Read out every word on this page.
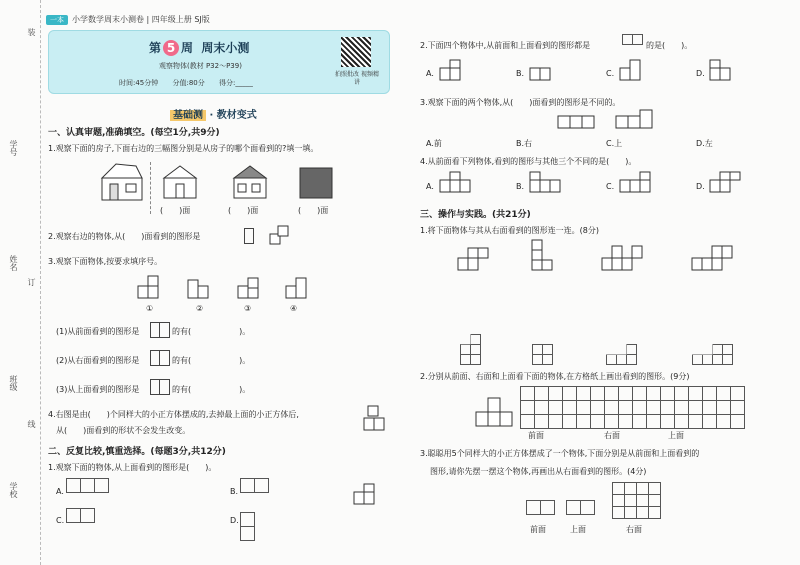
学号
姓名
班级
学校
装
订
线
一本 小学数学周末小测卷 | 四年级上册 SJ版
第 5 周 周末小测
观察物体(教材 P32～P39)
时间:45分钟 分值:80分 得分:_____
拍照批改 视频精讲
基础测 · 教材变式
一、认真审题,准确填空。(每空1分,共9分)
1.观察下面的房子,下面右边的三幅图分别是从房子的哪个面看到的?填一填。
(　　)面	(　　)面	(　　)面
2.观察右边的物体,从(　　)面看到的图形是
3.观察下面物体,按要求填序号。
①	②	③	④
(1)从前面看到的图形是	的有(　　　　　　)。
(2)从右面看到的图形是	的有(　　　　　　)。
(3)从上面看到的图形是	的有(　　　　　　)。
4.右图是由(　　)个同样大的小正方体摆成的,去掉最上面的小正方体后,
从(　　)面看到的形状不会发生改变。
二、反复比较,慎重选择。(每题3分,共12分)
1.观察下面的物体,从上面看到的图形是(　　)。
A.
C.
B.
D.
2.下面四个物体中,从前面和上面看到的图形都是	的是(　　)。
A.	B.	C.	D.
3.观察下面的两个物体,从(　　)面看到的图形是不同的。
A.前	B.右	C.上	D.左
4.从前面看下列物体,看到的图形与其他三个不同的是(　　)。
A.	B.	C.	D.
三、操作与实践。(共21分)
1.将下面物体与其从右面看到的图形连一连。(8分)
2.分别从前面、右面和上面看下面的物体,在方格纸上画出看到的图形。(9分)
前面	右面	上面
3.聪聪用5个同样大的小正方体摆成了一个物体,下面分别是从前面和上面看到的
图形,请你先摆一摆这个物体,再画出从右面看到的图形。(4分)
前面	上面	右面
